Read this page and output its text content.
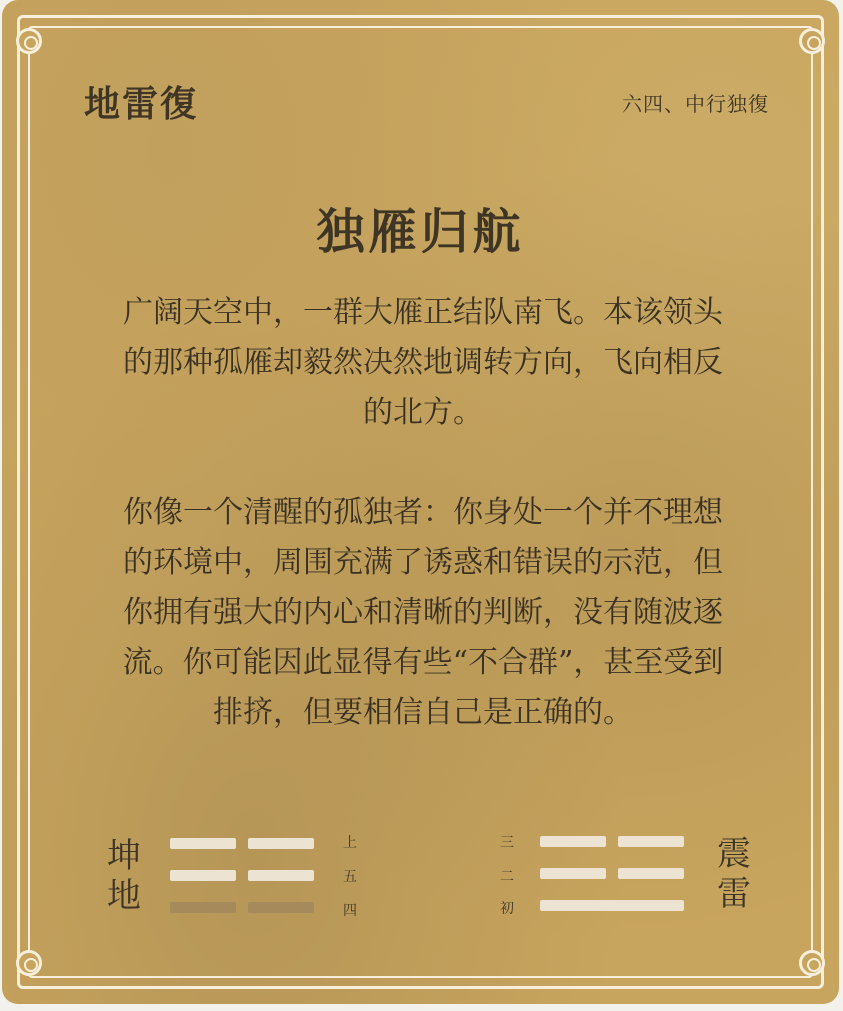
地雷復	六四、中行独復
独雁归航
广阔天空中，一群大雁正结队南飞。本该领头的那种孤雁却毅然决然地调转方向，飞向相反的北方。
你像一个清醒的孤独者：你身处一个并不理想的环境中，周围充满了诱惑和错误的示范，但你拥有强大的内心和清晰的判断，没有随波逐流。你可能因此显得有些“不合群”，甚至受到排挤，但要相信自己是正确的。
坤
地
上
五
四
三
二
初
震
雷
